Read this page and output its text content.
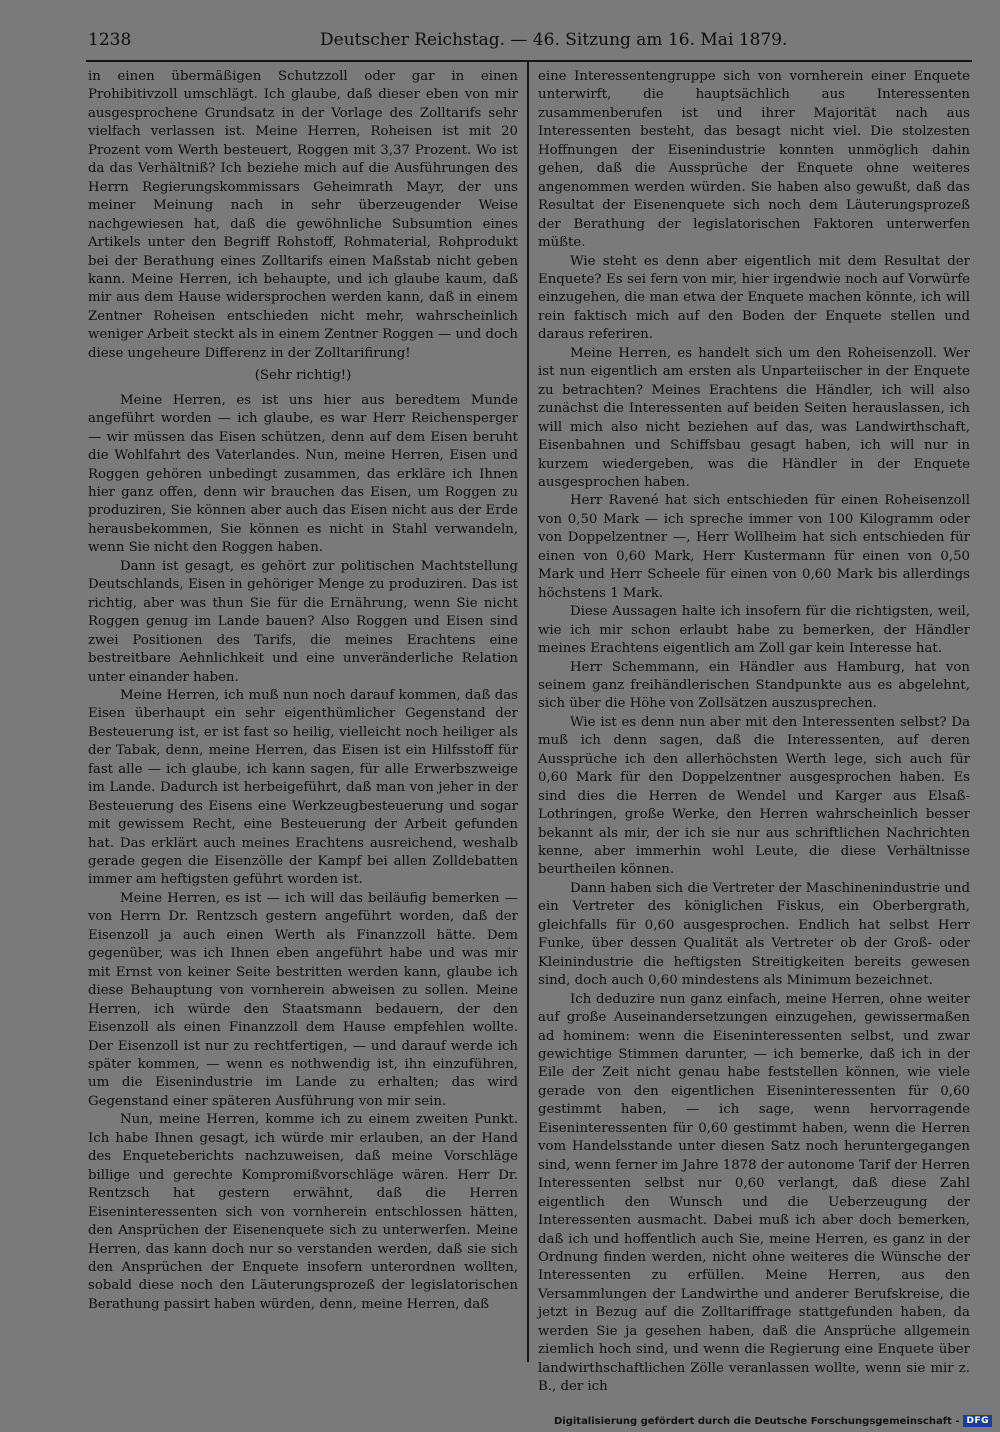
1238	Deutscher Reichstag. — 46. Sitzung am 16. Mai 1879.

in einen übermäßigen Schutzzoll oder gar in einen Prohibitivzoll umschlägt. Ich glaube, daß dieser eben von mir ausgesprochene Grundsatz in der Vorlage des Zolltarifs sehr vielfach verlassen ist. Meine Herren, Roheisen ist mit 20 Prozent vom Werth besteuert, Roggen mit 3,37 Prozent. Wo ist da das Verhältniß? Ich beziehe mich auf die Ausführungen des Herrn Regierungskommissars Geheimrath Mayr, der uns meiner Meinung nach in sehr überzeugender Weise nachgewiesen hat, daß die gewöhnliche Subsumtion eines Artikels unter den Begriff Rohstoff, Rohmaterial, Rohprodukt bei der Berathung eines Zolltarifs einen Maßstab nicht geben kann. Meine Herren, ich behaupte, und ich glaube kaum, daß mir aus dem Hause widersprochen werden kann, daß in einem Zentner Roheisen entschieden nicht mehr, wahrscheinlich weniger Arbeit steckt als in einem Zentner Roggen — und doch diese ungeheure Differenz in der Zolltarifirung!

(Sehr richtig!)

Meine Herren, es ist uns hier aus beredtem Munde angeführt worden — ich glaube, es war Herr Reichensperger — wir müssen das Eisen schützen, denn auf dem Eisen beruht die Wohlfahrt des Vaterlandes. Nun, meine Herren, Eisen und Roggen gehören unbedingt zusammen, das erkläre ich Ihnen hier ganz offen, denn wir brauchen das Eisen, um Roggen zu produziren, Sie können aber auch das Eisen nicht aus der Erde herausbekommen, Sie können es nicht in Stahl verwandeln, wenn Sie nicht den Roggen haben.

Dann ist gesagt, es gehört zur politischen Machtstellung Deutschlands, Eisen in gehöriger Menge zu produziren. Das ist richtig, aber was thun Sie für die Ernährung, wenn Sie nicht Roggen genug im Lande bauen? Also Roggen und Eisen sind zwei Positionen des Tarifs, die meines Erachtens eine bestreitbare Aehnlichkeit und eine unveränderliche Relation unter einander haben.

Meine Herren, ich muß nun noch darauf kommen, daß das Eisen überhaupt ein sehr eigenthümlicher Gegenstand der Besteuerung ist, er ist fast so heilig, vielleicht noch heiliger als der Tabak, denn, meine Herren, das Eisen ist ein Hilfsstoff für fast alle — ich glaube, ich kann sagen, für alle Erwerbszweige im Lande. Dadurch ist herbeigeführt, daß man von jeher in der Besteuerung des Eisens eine Werkzeugbesteuerung und sogar mit gewissem Recht, eine Besteuerung der Arbeit gefunden hat. Das erklärt auch meines Erachtens ausreichend, weshalb gerade gegen die Eisenzölle der Kampf bei allen Zolldebatten immer am heftigsten geführt worden ist.

Meine Herren, es ist — ich will das beiläufig bemerken — von Herrn Dr. Rentzsch gestern angeführt worden, daß der Eisenzoll ja auch einen Werth als Finanzzoll hätte. Dem gegenüber, was ich Ihnen eben angeführt habe und was mir mit Ernst von keiner Seite bestritten werden kann, glaube ich diese Behauptung von vornherein abweisen zu sollen. Meine Herren, ich würde den Staatsmann bedauern, der den Eisenzoll als einen Finanzzoll dem Hause empfehlen wollte. Der Eisenzoll ist nur zu rechtfertigen, — und darauf werde ich später kommen, — wenn es nothwendig ist, ihn einzuführen, um die Eisenindustrie im Lande zu erhalten; das wird Gegenstand einer späteren Ausführung von mir sein.

Nun, meine Herren, komme ich zu einem zweiten Punkt. Ich habe Ihnen gesagt, ich würde mir erlauben, an der Hand des Enqueteberichts nachzuweisen, daß meine Vorschläge billige und gerechte Kompromißvorschläge wären. Herr Dr. Rentzsch hat gestern erwähnt, daß die Herren Eiseninteressenten sich von vornherein entschlossen hätten, den Ansprüchen der Eisenenquete sich zu unterwerfen. Meine Herren, das kann doch nur so verstanden werden, daß sie sich den Ansprüchen der Enquete insofern unterordnen wollten, sobald diese noch den Läuterungsprozeß der legislatorischen Berathung passirt haben würden, denn, meine Herren, daß

eine Interessentengruppe sich von vornherein einer Enquete unterwirft, die hauptsächlich aus Interessenten zusammenberufen ist und ihrer Majorität nach aus Interessenten besteht, das besagt nicht viel. Die stolzesten Hoffnungen der Eisenindustrie konnten unmöglich dahin gehen, daß die Aussprüche der Enquete ohne weiteres angenommen werden würden. Sie haben also gewußt, daß das Resultat der Eisenenquete sich noch dem Läuterungsprozeß der Berathung der legislatorischen Faktoren unterwerfen müßte.

Wie steht es denn aber eigentlich mit dem Resultat der Enquete? Es sei fern von mir, hier irgendwie noch auf Vorwürfe einzugehen, die man etwa der Enquete machen könnte, ich will rein faktisch mich auf den Boden der Enquete stellen und daraus referiren.

Meine Herren, es handelt sich um den Roheisenzoll. Wer ist nun eigentlich am ersten als Unparteiischer in der Enquete zu betrachten? Meines Erachtens die Händler, ich will also zunächst die Interessenten auf beiden Seiten herauslassen, ich will mich also nicht beziehen auf das, was Landwirthschaft, Eisenbahnen und Schiffsbau gesagt haben, ich will nur in kurzem wiedergeben, was die Händler in der Enquete ausgesprochen haben.

Herr Ravené hat sich entschieden für einen Roheisenzoll von 0,50 Mark — ich spreche immer von 100 Kilogramm oder von Doppelzentner —, Herr Wollheim hat sich entschieden für einen von 0,60 Mark, Herr Kustermann für einen von 0,50 Mark und Herr Scheele für einen von 0,60 Mark bis allerdings höchstens 1 Mark.

Diese Aussagen halte ich insofern für die richtigsten, weil, wie ich mir schon erlaubt habe zu bemerken, der Händler meines Erachtens eigentlich am Zoll gar kein Interesse hat.

Herr Schemmann, ein Händler aus Hamburg, hat von seinem ganz freihändlerischen Standpunkte aus es abgelehnt, sich über die Höhe von Zollsätzen auszusprechen.

Wie ist es denn nun aber mit den Interessenten selbst? Da muß ich denn sagen, daß die Interessenten, auf deren Aussprüche ich den allerhöchsten Werth lege, sich auch für 0,60 Mark für den Doppelzentner ausgesprochen haben. Es sind dies die Herren de Wendel und Karger aus Elsaß-Lothringen, große Werke, den Herren wahrscheinlich besser bekannt als mir, der ich sie nur aus schriftlichen Nachrichten kenne, aber immerhin wohl Leute, die diese Verhältnisse beurtheilen können.

Dann haben sich die Vertreter der Maschinenindustrie und ein Vertreter des königlichen Fiskus, ein Oberbergrath, gleichfalls für 0,60 ausgesprochen. Endlich hat selbst Herr Funke, über dessen Qualität als Vertreter ob der Groß- oder Kleinindustrie die heftigsten Streitigkeiten bereits gewesen sind, doch auch 0,60 mindestens als Minimum bezeichnet.

Ich deduzire nun ganz einfach, meine Herren, ohne weiter auf große Auseinandersetzungen einzugehen, gewissermaßen ad hominem: wenn die Eiseninteressenten selbst, und zwar gewichtige Stimmen darunter, — ich bemerke, daß ich in der Eile der Zeit nicht genau habe feststellen können, wie viele gerade von den eigentlichen Eiseninteressenten für 0,60 gestimmt haben, — ich sage, wenn hervorragende Eiseninteressenten für 0,60 gestimmt haben, wenn die Herren vom Handelsstande unter diesen Satz noch heruntergegangen sind, wenn ferner im Jahre 1878 der autonome Tarif der Herren Interessenten selbst nur 0,60 verlangt, daß diese Zahl eigentlich den Wunsch und die Ueberzeugung der Interessenten ausmacht. Dabei muß ich aber doch bemerken, daß ich und hoffentlich auch Sie, meine Herren, es ganz in der Ordnung finden werden, nicht ohne weiteres die Wünsche der Interessenten zu erfüllen. Meine Herren, aus den Versammlungen der Landwirthe und anderer Berufskreise, die jetzt in Bezug auf die Zolltariffrage stattgefunden haben, da werden Sie ja gesehen haben, daß die Ansprüche allgemein ziemlich hoch sind, und wenn die Regierung eine Enquete über landwirthschaftlichen Zölle veranlassen wollte, wenn sie mir z. B., der ich

Digitalisierung gefördert durch die Deutsche Forschungsgemeinschaft - DFG
